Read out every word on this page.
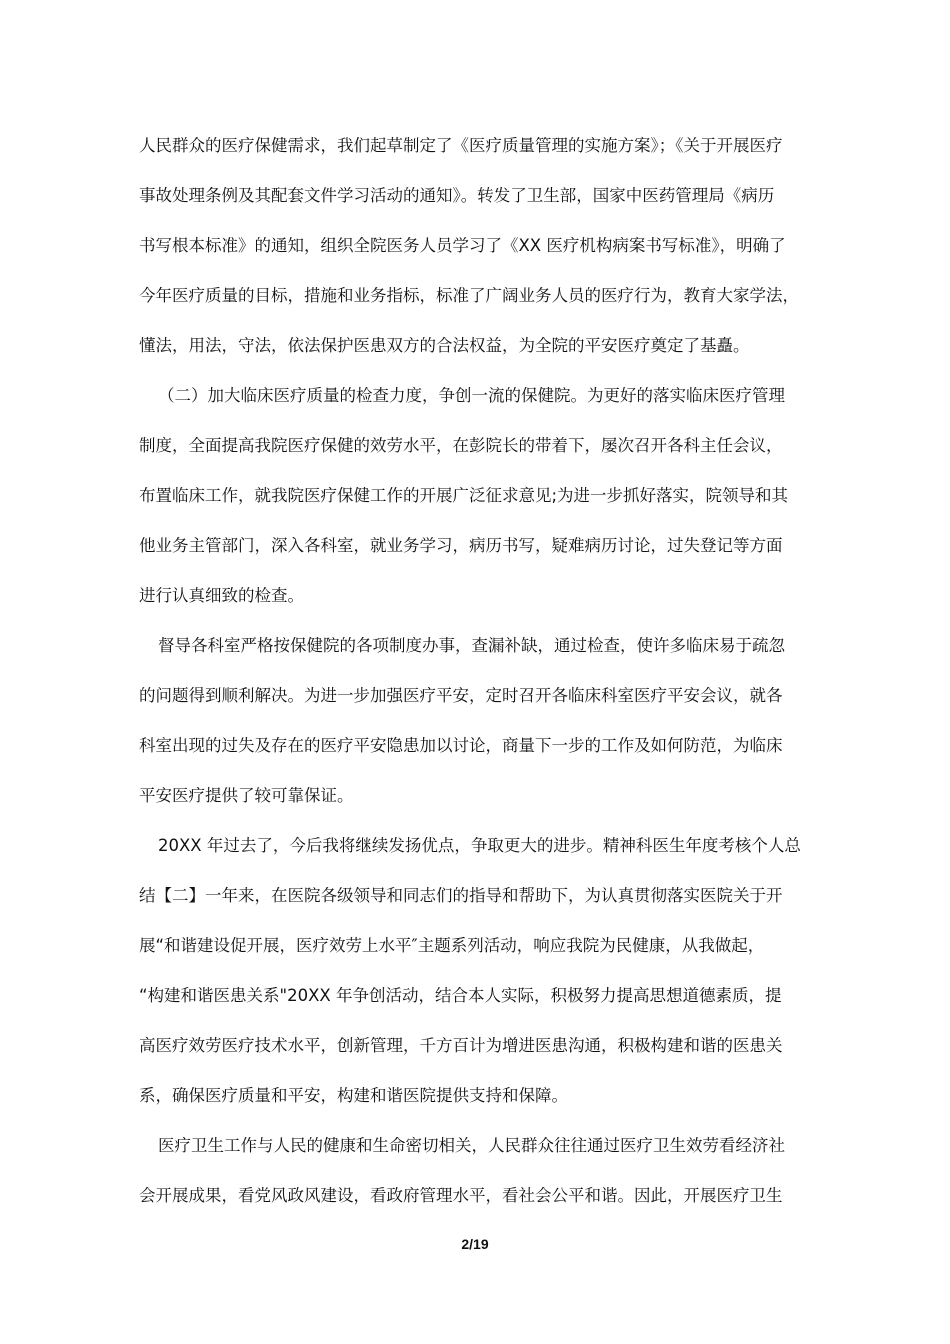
人民群众的医疗保健需求，我们起草制定了《医疗质量管理的实施方案》；《关于开展医疗
事故处理条例及其配套文件学习活动的通知》。转发了卫生部，国家中医药管理局《病历
书写根本标准》的通知，组织全院医务人员学习了《XX 医疗机构病案书写标准》，明确了
今年医疗质量的目标，措施和业务指标，标准了广阔业务人员的医疗行为，教育大家学法，
懂法，用法，守法，依法保护医患双方的合法权益，为全院的平安医疗奠定了基矗。
（二）加大临床医疗质量的检查力度，争创一流的保健院。为更好的落实临床医疗管理
制度，全面提高我院医疗保健的效劳水平，在彭院长的带着下，屡次召开各科主任会议，
布置临床工作，就我院医疗保健工作的开展广泛征求意见;为进一步抓好落实，院领导和其
他业务主管部门，深入各科室，就业务学习，病历书写，疑难病历讨论，过失登记等方面
进行认真细致的检查。
督导各科室严格按保健院的各项制度办事，查漏补缺，通过检查，使许多临床易于疏忽
的问题得到顺利解决。为进一步加强医疗平安，定时召开各临床科室医疗平安会议，就各
科室出现的过失及存在的医疗平安隐患加以讨论，商量下一步的工作及如何防范，为临床
平安医疗提供了较可靠保证。
20XX 年过去了，今后我将继续发扬优点，争取更大的进步。精神科医生年度考核个人总
结【二】一年来，在医院各级领导和同志们的指导和帮助下，为认真贯彻落实医院关于开
展“和谐建设促开展，医疗效劳上水平″主题系列活动，响应我院为民健康，从我做起，
“构建和谐医患关系"20XX 年争创活动，结合本人实际，积极努力提高思想道德素质，提
高医疗效劳医疗技术水平，创新管理，千方百计为增进医患沟通，积极构建和谐的医患关
系，确保医疗质量和平安，构建和谐医院提供支持和保障。
医疗卫生工作与人民的健康和生命密切相关，人民群众往往通过医疗卫生效劳看经济社
会开展成果，看党风政风建设，看政府管理水平，看社会公平和谐。因此，开展医疗卫生
2/19
